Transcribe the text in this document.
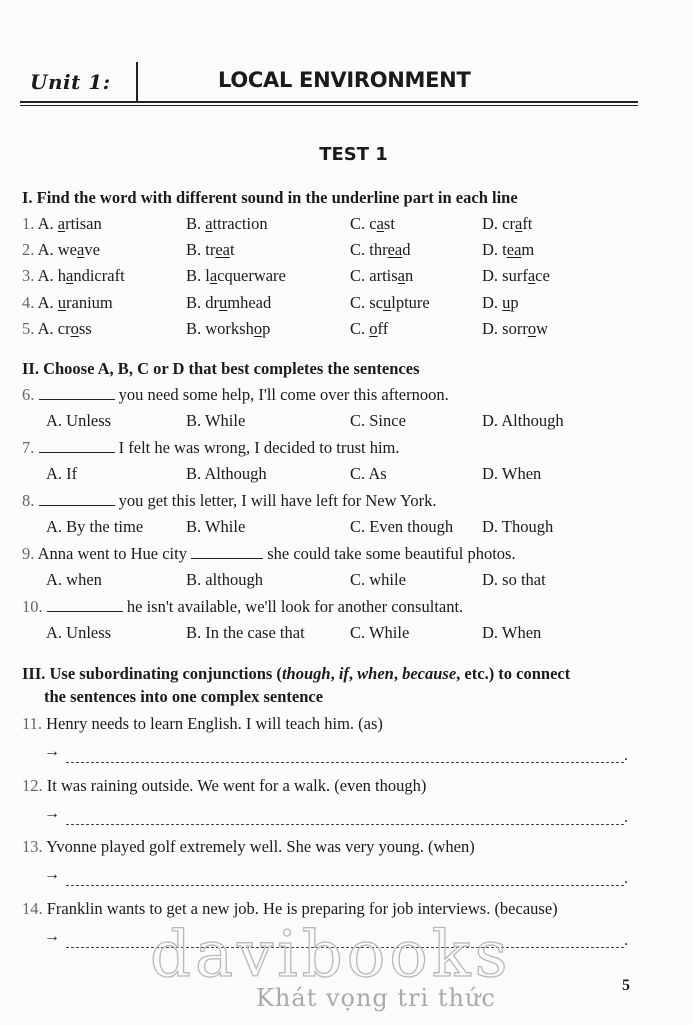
Unit 1:	LOCAL ENVIRONMENT
TEST 1
I. Find the word with different sound in the underline part in each line
1. A. artisan	B. attraction	C. cast	D. craft
2. A. weave	B. treat	C. thread	D. team
3. A. handicraft	B. lacquerware	C. artisan	D. surface
4. A. uranium	B. drumhead	C. sculpture	D. up
5. A. cross	B. workshop	C. off	D. sorrow
II. Choose A, B, C or D that best completes the sentences
6.	you need some help, I'll come over this afternoon.
A. Unless	B. While	C. Since	D. Although
7.	I felt he was wrong, I decided to trust him.
A. If	B. Although	C. As	D. When
8.	you get this letter, I will have left for New York.
A. By the time	B. While	C. Even though D. Though
9. Anna went to Hue city	she could take some beautiful photos.
A. when	B. although	C. while	D. so that
10.	he isn't available, we'll look for another consultant.
A. Unless	B. In the case that	C. While	D. When
III. Use subordinating conjunctions (though, if, when, because, etc.) to connect
the sentences into one complex sentence
11. Henry needs to learn English. I will teach him. (as)
→	.
12. It was raining outside. We went for a walk. (even though)
→	.
13. Yvonne played golf extremely well. She was very young. (when)
→	.
14. Franklin wants to get a new job. He is preparing for job interviews. (because)
→	.
davibooks
Khát vọng tri thức	5
